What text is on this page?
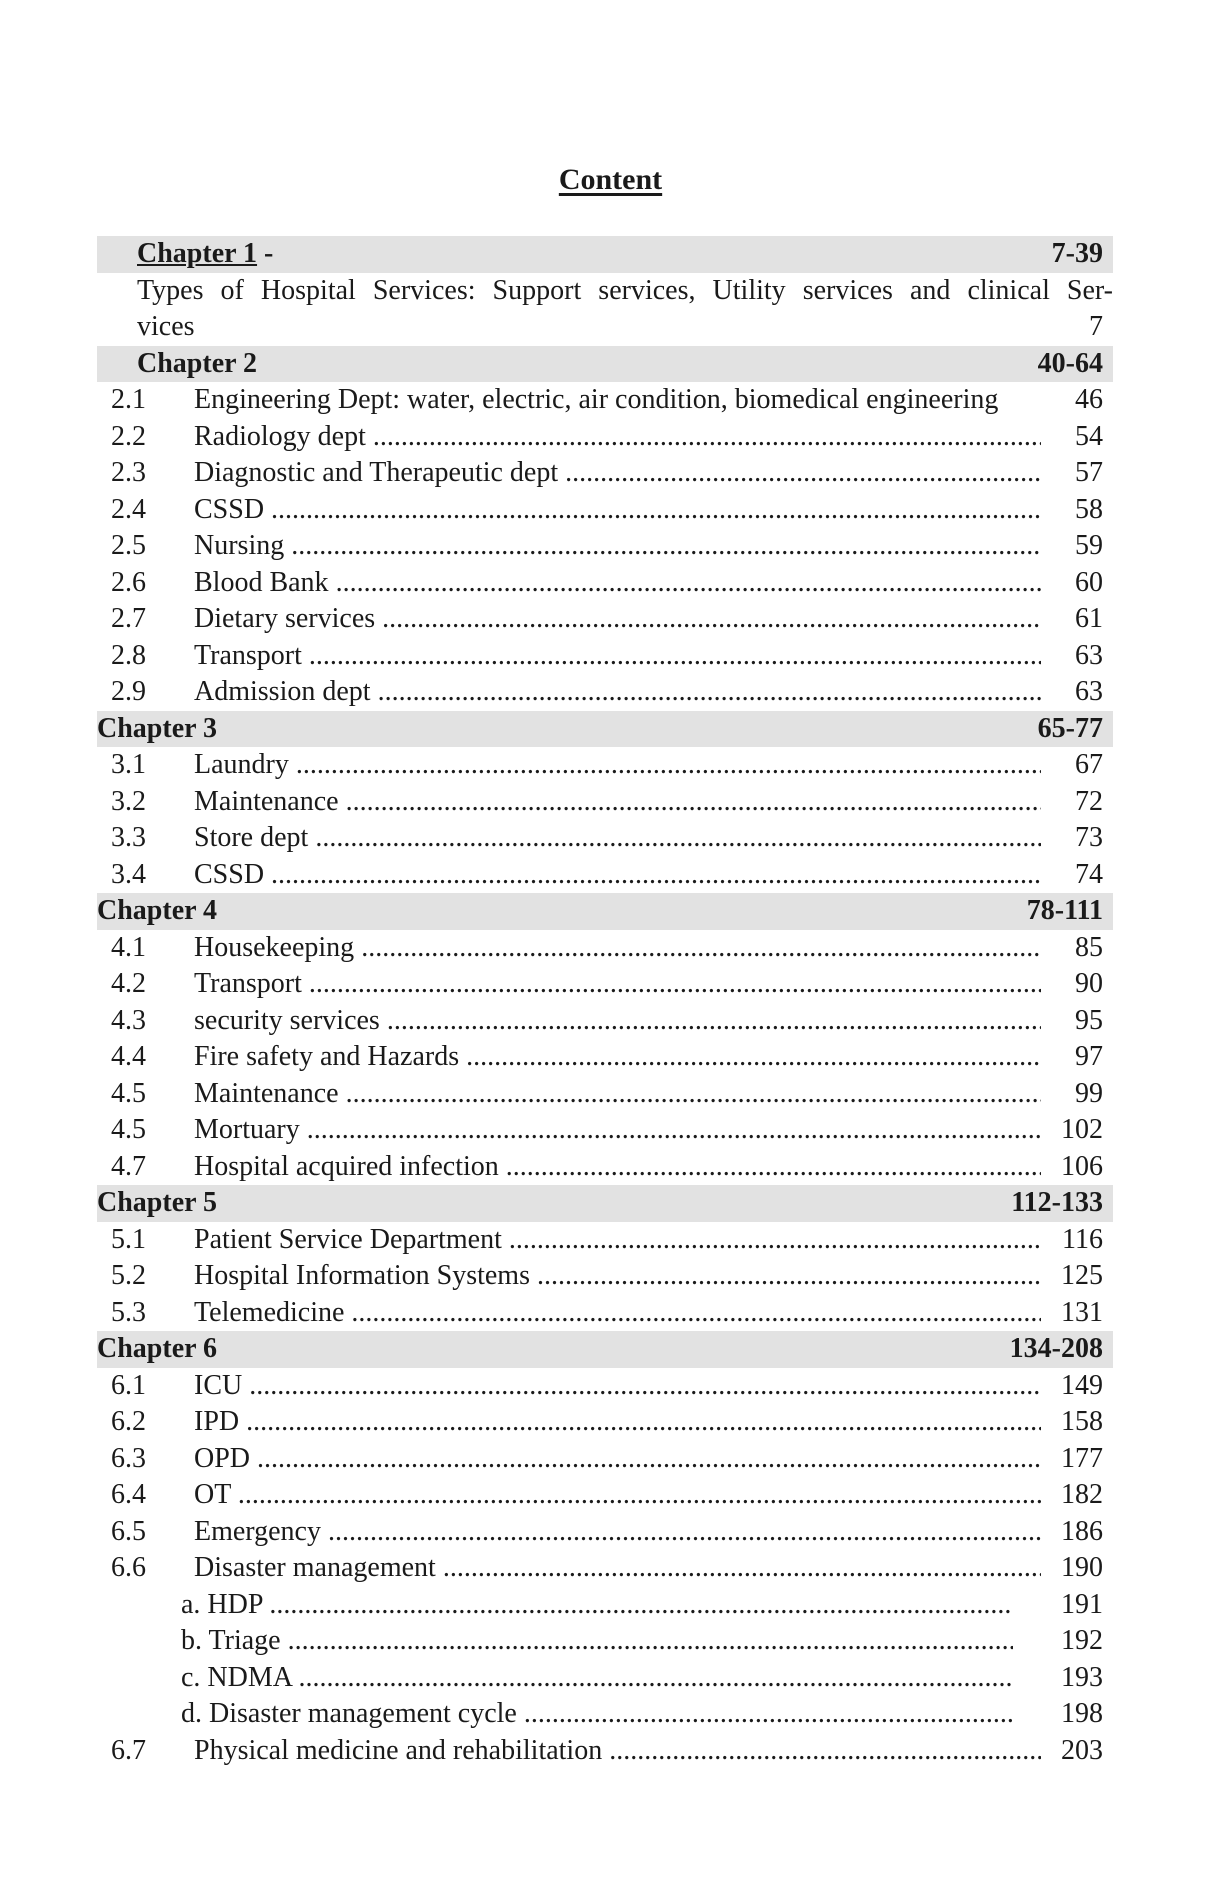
Content
Chapter 1 -	7-39
Types of Hospital Services: Support services, Utility services and clinical Ser-
vices	7
Chapter 2	40-64
2.1 Engineering Dept: water, electric, air condition, biomedical engineering	46
2.2 Radiology dept .....	54
2.3 Diagnostic and Therapeutic dept .....	57
2.4 CSSD .....	58
2.5 Nursing .....	59
2.6 Blood Bank .....	60
2.7 Dietary services .....	61
2.8 Transport .....	63
2.9 Admission dept .....	63
Chapter 3	65-77
3.1 Laundry .....	67
3.2 Maintenance .....	72
3.3 Store dept .....	73
3.4 CSSD .....	74
Chapter 4	78-111
4.1 Housekeeping .....	85
4.2 Transport .....	90
4.3 security services .....	95
4.4 Fire safety and Hazards .....	97
4.5 Maintenance .....	99
4.5 Mortuary .....	102
4.7 Hospital acquired infection .....	106
Chapter 5	112-133
5.1 Patient Service Department .....	116
5.2 Hospital Information Systems .....	125
5.3 Telemedicine .....	131
Chapter 6	134-208
6.1 ICU .....	149
6.2 IPD .....	158
6.3 OPD .....	177
6.4 OT .....	182
6.5 Emergency .....	186
6.6 Disaster management .....	190
a. HDP .....	191
b. Triage .....	192
c. NDMA .....	193
d. Disaster management cycle .....	198
6.7 Physical medicine and rehabilitation .....	203
